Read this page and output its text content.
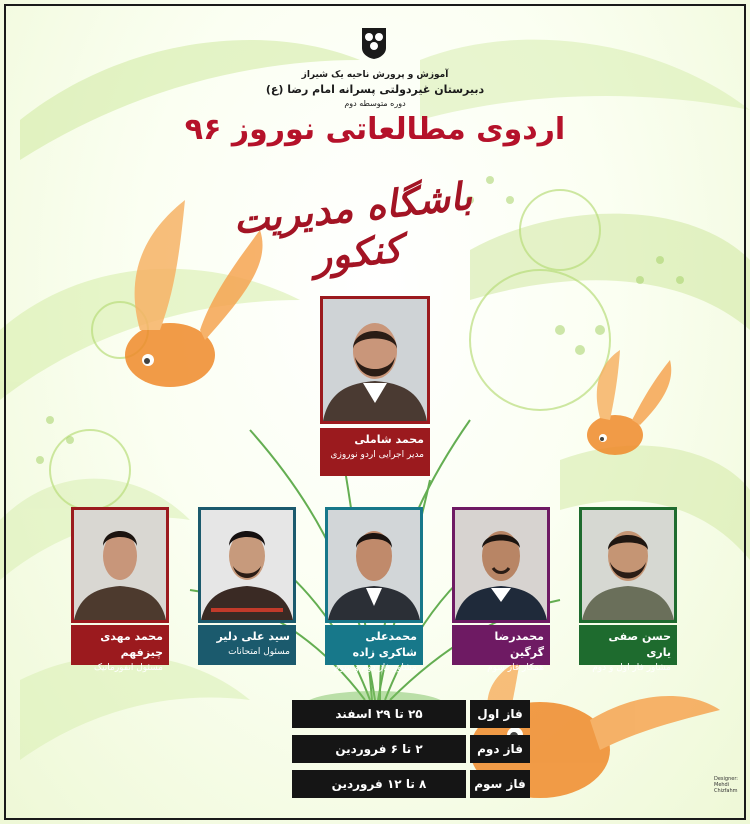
آموزش و پرورش ناحیه یک شیراز
دبیرستان غیردولتی پسرانه امام رضا (ع)
دوره متوسطه دوم
اردوی مطالعاتی نوروز ۹۶
باشگاه مدیریت کنکور
محمد شاملی
مدیر اجرایی اردو نوروزی
حسن صفی یاری
مشاور فاز اول و دوم
محمدرضا گرگین
همکار فاز سوم
محمدعلی شاکری زاده
مشاور فاز دوم و سوم
سید علی دلیر
مسئول امتحانات
محمد مهدی چیزفهم
مسئول انفورماتیک
فاز اول
۲۵ تا ۲۹ اسفند
فاز دوم
۲ تا ۶ فروردین
فاز سوم
۸ تا ۱۲ فروردین	Designer:
Mehdi
Chizfahm
